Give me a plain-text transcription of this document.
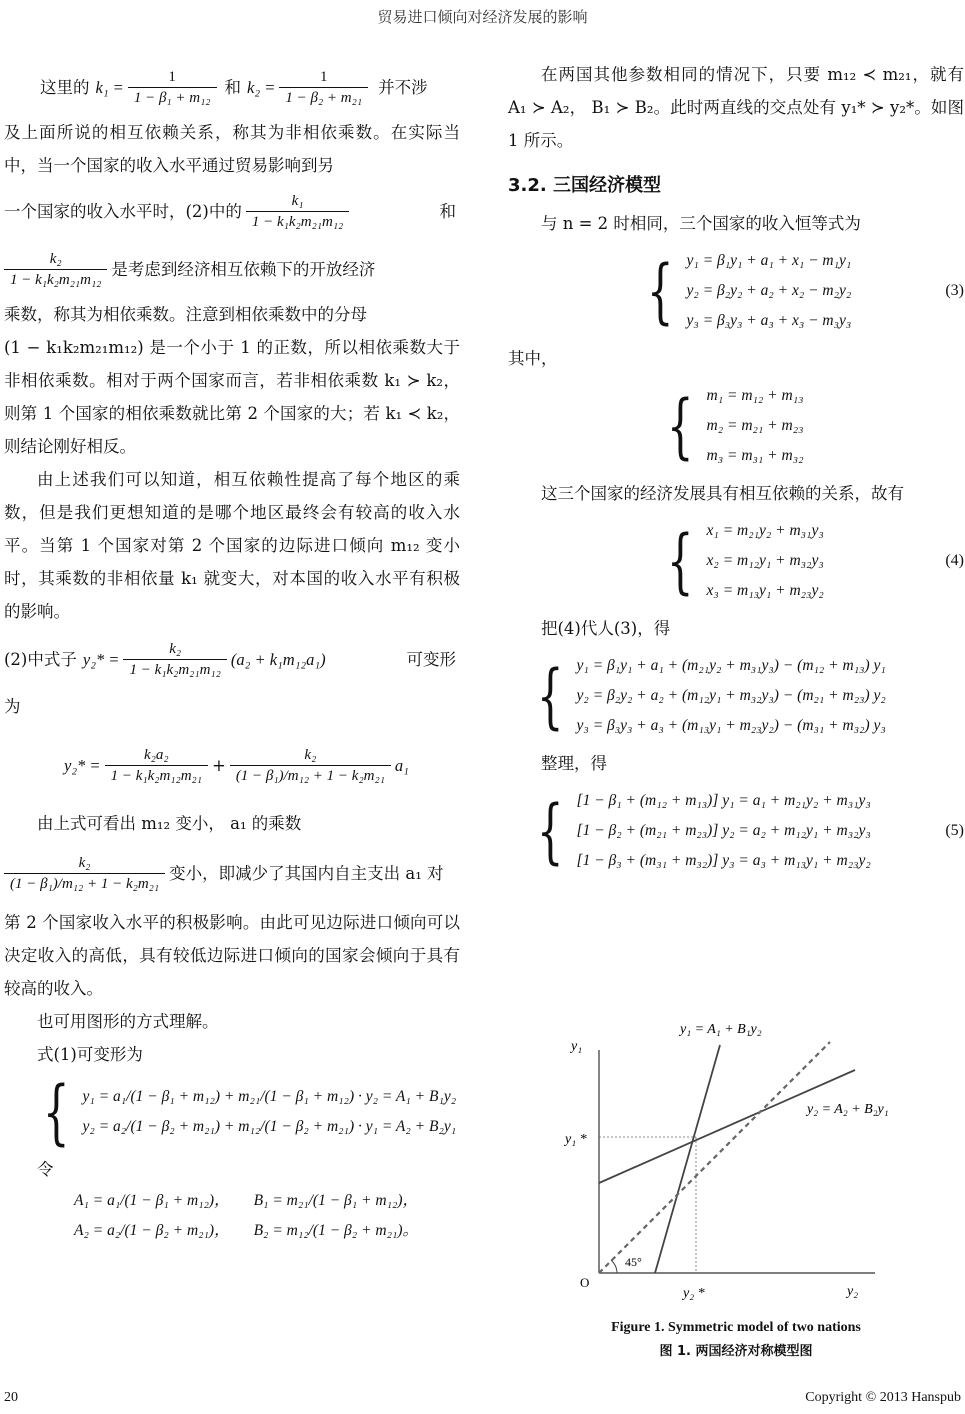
贸易进口倾向对经济发展的影响
这里的 $k_1 = \frac{1}{\text{1 − β₁ + m₁₂}}$ 和 $k_2 = \frac{1}{\text{1 − β₂ + m₂₁}}$ 并不涉

及上面所说的相互依赖关系，称其为非相依乘数。在实际当中，当一个国家的收入水平通过贸易影响到另

一个国家的收入水平时，(2)中的 $\frac{\text{k₁}}{\text{1 − k₁k₂m₂₁m₁₂}}$	和
$\frac{\text{k₂}}{\text{1 − k₁k₂m₂₁m₁₂}}$ 是考虑到经济相互依赖下的开放经济

乘数，称其为相依乘数。注意到相依乘数中的分母

(1 − k₁k₂m₂₁m₁₂) 是一个小于 1 的正数，所以相依乘数大于非相依乘数。相对于两个国家而言，若非相依乘数 k₁ ≻ k₂，则第 1 个国家的相依乘数就比第 2 个国家的大；若 k₁ ≺ k₂，则结论刚好相反。

由上述我们可以知道，相互依赖性提高了每个地区的乘数，但是我们更想知道的是哪个地区最终会有较高的收入水平。当第 1 个国家对第 2 个国家的边际进口倾向 m₁₂ 变小时，其乘数的非相依量 k₁ 就变大，对本国的收入水平有积极的影响。

(2)中式子 $y_2* = \frac{\text{k₂}}{\text{1 − k₁k₂m₂₁m₁₂}} (a_2 + k_1m_{12}a_1)$	可变形

为

$y_2* = \frac{\text{k₂a₂}}{\text{1 − k₁k₂m₁₂m₂₁}} + \frac{\text{k₂}}{\text{(1 − β₁)/m₁₂ + 1 − k₂m₂₁}} a_1$

由上式可看出 m₁₂ 变小， a₁ 的乘数

$\frac{\text{k₂}}{\text{(1 − β₁)/m₁₂ + 1 − k₂m₂₁}}$ 变小，即减少了其国内自主支出 a₁ 对

第 2 个国家收入水平的积极影响。由此可见边际进口倾向可以决定收入的高低，具有较低边际进口倾向的国家会倾向于具有较高的收入。

也可用图形的方式理解。

式(1)可变形为

{ y₁ = a₁/(1 − β₁ + m₁₂) + m₂₁/(1 − β₁ + m₁₂) · y₂ = A₁ + B₁y₂
y₂ = a₂/(1 − β₂ + m₂₁) + m₁₂/(1 − β₂ + m₂₁) · y₁ = A₂ + B₂y₁

令

A₁ = a₁/(1 − β₁ + m₁₂)， B₁ = m₂₁/(1 − β₁ + m₁₂)，
A₂ = a₂/(1 − β₂ + m₂₁)， B₂ = m₁₂/(1 − β₂ + m₂₁)。

在两国其他参数相同的情况下，只要 m₁₂ ≺ m₂₁，就有 A₁ ≻ A₂， B₁ ≻ B₂。此时两直线的交点处有 y₁* ≻ y₂*。如图 1 所示。

3.2. 三国经济模型

与 n = 2 时相同，三个国家的收入恒等式为

{ y₁ = β₁y₁ + a₁ + x₁ − m₁y₁
y₂ = β₂y₂ + a₂ + x₂ − m₂y₂
y₃ = β₃y₃ + a₃ + x₃ − m₃y₃
(3)

其中，

{ m₁ = m₁₂ + m₁₃
m₂ = m₂₁ + m₂₃
m₃ = m₃₁ + m₃₂

这三个国家的经济发展具有相互依赖的关系，故有

{ x₁ = m₂₁y₂ + m₃₁y₃
x₂ = m₁₂y₁ + m₃₂y₃
x₃ = m₁₃y₁ + m₂₃y₂
(4)

把(4)代人(3)，得

{ y₁ = β₁y₁ + a₁ + (m₂₁y₂ + m₃₁y₃) − (m₁₂ + m₁₃) y₁
y₂ = β₂y₂ + a₂ + (m₁₂y₁ + m₃₂y₃) − (m₂₁ + m₂₃) y₂
y₃ = β₃y₃ + a₃ + (m₁₃y₁ + m₂₃y₂) − (m₃₁ + m₃₂) y₃

整理，得

{ [1 − β₁ + (m₁₂ + m₁₃)] y₁ = a₁ + m₂₁y₂ + m₃₁y₃
[1 − β₂ + (m₂₁ + m₂₃)] y₂ = a₂ + m₁₂y₁ + m₃₂y₃
[1 − β₃ + (m₃₁ + m₃₂)] y₃ = a₃ + m₁₃y₁ + m₂₃y₂
(5)
y₁ = A₁ + B₁y₂
y₂ = A₂ + B₂y₁
y₁
y₂
y₁ *
y₂ *
O
45°
Figure 1. Symmetric model of two nations
图 1. 两国经济对称模型图
20	Copyright © 2013 Hanspub
